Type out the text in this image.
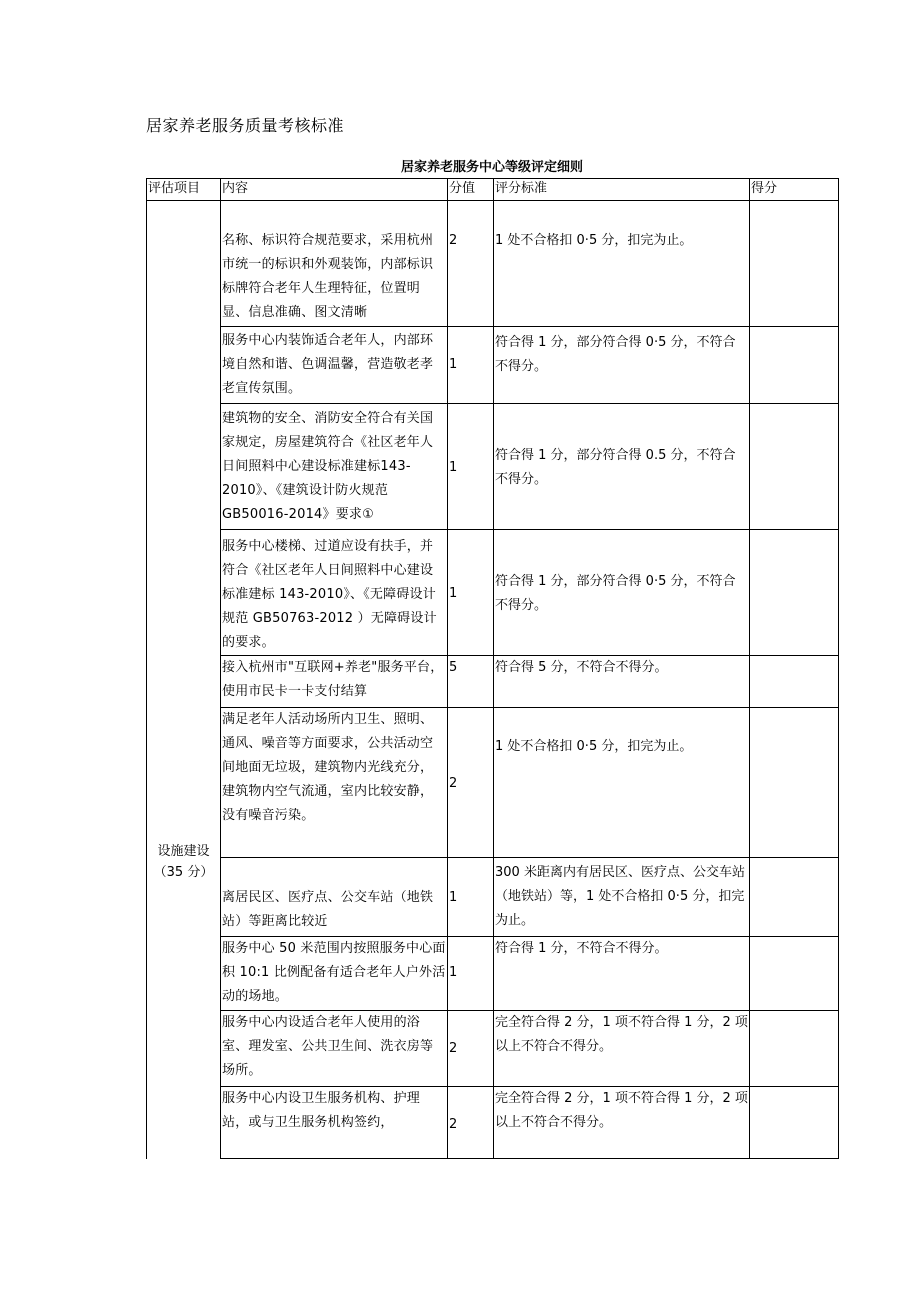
居家养老服务质量考核标准
居家养老服务中心等级评定细则
评估项目	内容	分值	评分标准	得分

设施建设
（35 分）	名称、标识符合规范要求，采用杭州市统一的标识和外观装饰，内部标识标牌符合老年人生理特征，位置明显、信息准确、图文清晰	2	1 处不合格扣 0·5 分，扣完为止。	
	服务中心内装饰适合老年人，内部环境自然和谐、色调温馨，营造敬老孝老宣传氛围。	1	符合得 1 分，部分符合得 0·5 分，不符合不得分。	
	建筑物的安全、消防安全符合有关国家规定，房屋建筑符合《社区老年人日间照料中心建设标准建标143-2010》、《建筑设计防火规范GB50016-2014》要求①	1	符合得 1 分，部分符合得 0.5 分，不符合不得分。	
	服务中心楼梯、过道应设有扶手，并符合《社区老年人日间照料中心建设标准建标 143-2010》、《无障碍设计规范 GB50763-2012 ）无障碍设计的要求。	1	符合得 1 分，部分符合得 0·5 分，不符合不得分。	
	接入杭州市"互联网+养老"服务平台，使用市民卡一卡支付结算	5	符合得 5 分，不符合不得分。	
	满足老年人活动场所内卫生、照明、通风、噪音等方面要求，公共活动空间地面无垃圾，建筑物内光线充分，建筑物内空气流通，室内比较安静，没有噪音污染。	2	1 处不合格扣 0·5 分，扣完为止。	
	离居民区、医疗点、公交车站（地铁站）等距离比较近	1	300 米距离内有居民区、医疗点、公交车站（地铁站）等，1 处不合格扣 0·5 分，扣完为止。	
	服务中心 50 米范围内按照服务中心面积 10:1 比例配备有适合老年人户外活动的场地。	1	符合得 1 分，不符合不得分。	
	服务中心内设适合老年人使用的浴室、理发室、公共卫生间、洗衣房等场所。	2	完全符合得 2 分，1 项不符合得 1 分，2 项以上不符合不得分。	
	服务中心内设卫生服务机构、护理站，或与卫生服务机构签约，	2	完全符合得 2 分，1 项不符合得 1 分，2 项以上不符合不得分。	
